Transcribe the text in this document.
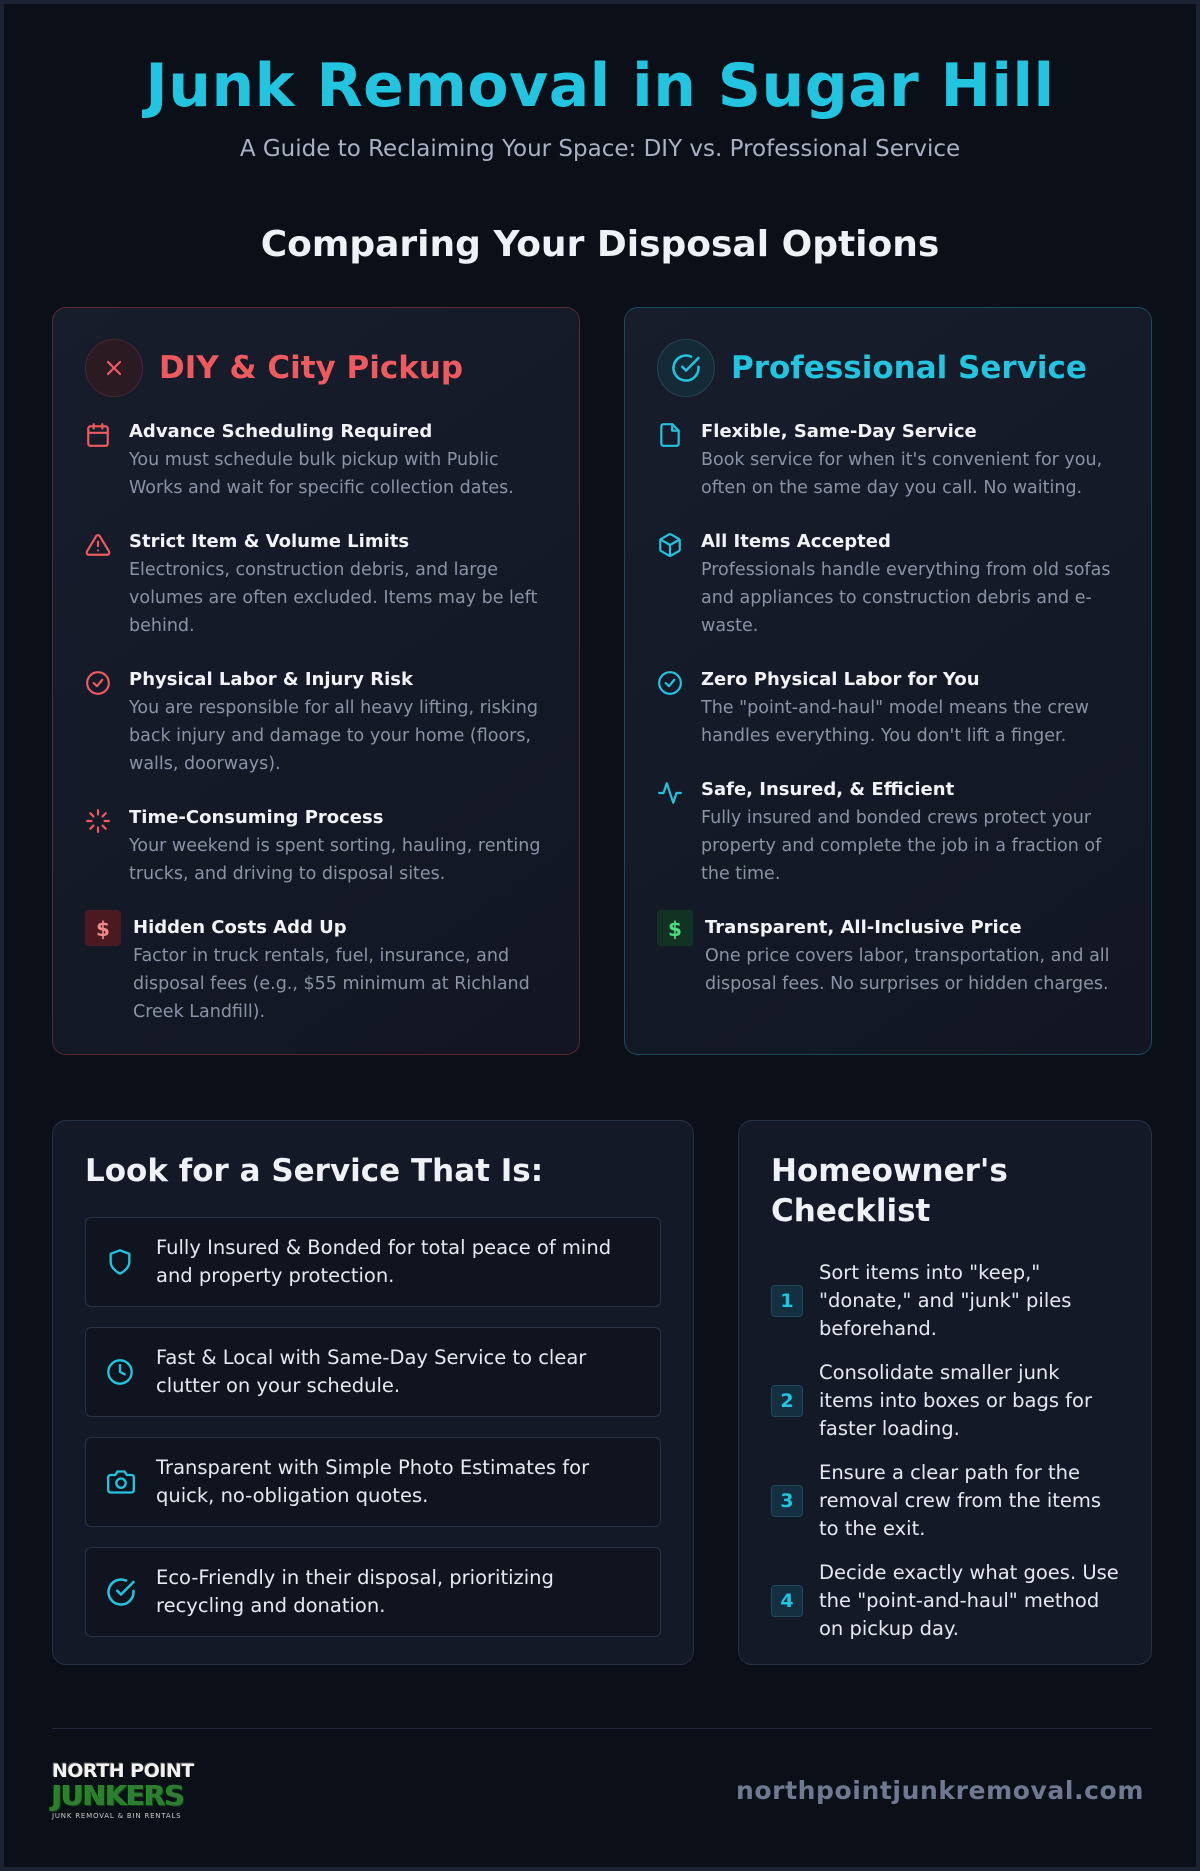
Junk Removal in Sugar Hill
A Guide to Reclaiming Your Space: DIY vs. Professional Service
Comparing Your Disposal Options
DIY & City Pickup
Advance Scheduling Required
You must schedule bulk pickup with Public Works and wait for specific collection dates.
Strict Item & Volume Limits
Electronics, construction debris, and large volumes are often excluded. Items may be left behind.
Physical Labor & Injury Risk
You are responsible for all heavy lifting, risking back injury and damage to your home (floors, walls, doorways).
Time-Consuming Process
Your weekend is spent sorting, hauling, renting trucks, and driving to disposal sites.
$	Hidden Costs Add Up
Factor in truck rentals, fuel, insurance, and disposal fees (e.g., $55 minimum at Richland Creek Landfill).
Professional Service
Flexible, Same-Day Service
Book service for when it's convenient for you, often on the same day you call. No waiting.
All Items Accepted
Professionals handle everything from old sofas and appliances to construction debris and e-waste.
Zero Physical Labor for You
The "point-and-haul" model means the crew handles everything. You don't lift a finger.
Safe, Insured, & Efficient
Fully insured and bonded crews protect your property and complete the job in a fraction of the time.
$	Transparent, All-Inclusive Price
One price covers labor, transportation, and all disposal fees. No surprises or hidden charges.
Look for a Service That Is:
Fully Insured & Bonded for total peace of mind and property protection.
Fast & Local with Same-Day Service to clear clutter on your schedule.
Transparent with Simple Photo Estimates for quick, no-obligation quotes.
Eco-Friendly in their disposal, prioritizing recycling and donation.
Homeowner's Checklist
1
Sort items into "keep," "donate," and "junk" piles beforehand.
2
Consolidate smaller junk items into boxes or bags for faster loading.
3
Ensure a clear path for the removal crew from the items to the exit.
4
Decide exactly what goes. Use the "point-and-haul" method on pickup day.
NORTH POINT
JUNKERS
JUNK REMOVAL & BIN RENTALS
northpointjunkremoval.com
